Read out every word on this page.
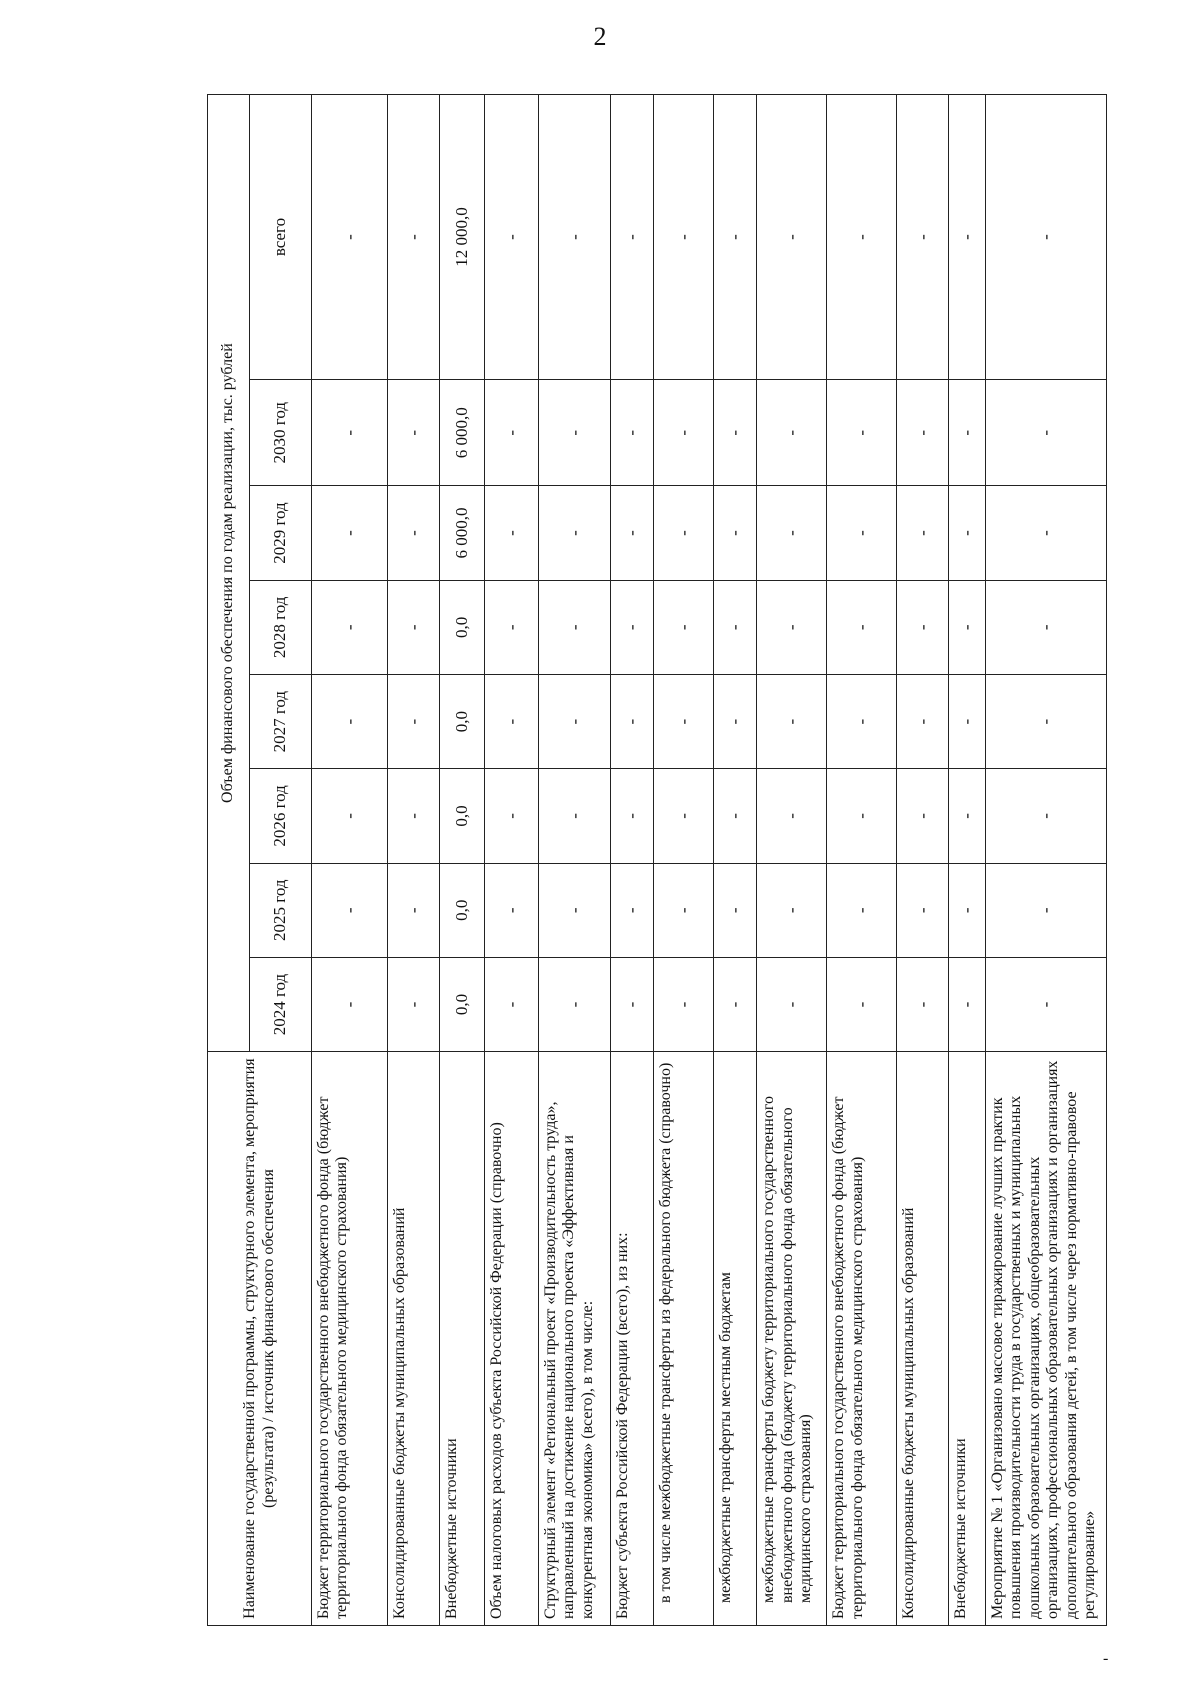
2
Наименование государственной программы, структурного элемента, мероприятия (результата) / источник финансового обеспечения	Объем финансового обеспечения по годам реализации, тыс. рублей							
	2024 год	2025 год	2026 год	2027 год	2028 год	2029 год	2030 год	всего
Бюджет территориального государственного внебюджетного фонда (бюджет территориального фонда обязательного медицинского страхования)	-	-	-	-	-	-	-	-
Консолидированные бюджеты муниципальных образований	-	-	-	-	-	-	-	-
Внебюджетные источники	0,0	0,0	0,0	0,0	0,0	6 000,0	6 000,0	12 000,0
Объем налоговых расходов субъекта Российской Федерации (справочно)	-	-	-	-	-	-	-	-
Структурный элемент «Региональный проект «Производительность труда», направленный на достижение национального проекта «Эффективная и конкурентная экономика» (всего), в том числе:	-	-	-	-	-	-	-	-
Бюджет субъекта Российской Федерации (всего), из них:	-	-	-	-	-	-	-	-
в том числе межбюджетные трансферты из федерального бюджета (справочно)	-	-	-	-	-	-	-	-
межбюджетные трансферты местным бюджетам	-	-	-	-	-	-	-	-
межбюджетные трансферты бюджету территориального государственного внебюджетного фонда (бюджету территориального фонда обязательного медицинского страхования)	-	-	-	-	-	-	-	-
Бюджет территориального государственного внебюджетного фонда (бюджет территориального фонда обязательного медицинского страхования)	-	-	-	-	-	-	-	-
Консолидированные бюджеты муниципальных образований	-	-	-	-	-	-	-	-
Внебюджетные источники	-	-	-	-	-	-	-	-
Мероприятие № 1 «Организовано массовое тиражирование лучших практик повышения производительности труда в государственных и муниципальных дошкольных образовательных организациях, общеобразовательных организациях, профессиональных образовательных организациях и организациях дополнительного образования детей, в том числе через нормативно-правовое регулирование»	-	-	-	-	-	-	-	-
-
